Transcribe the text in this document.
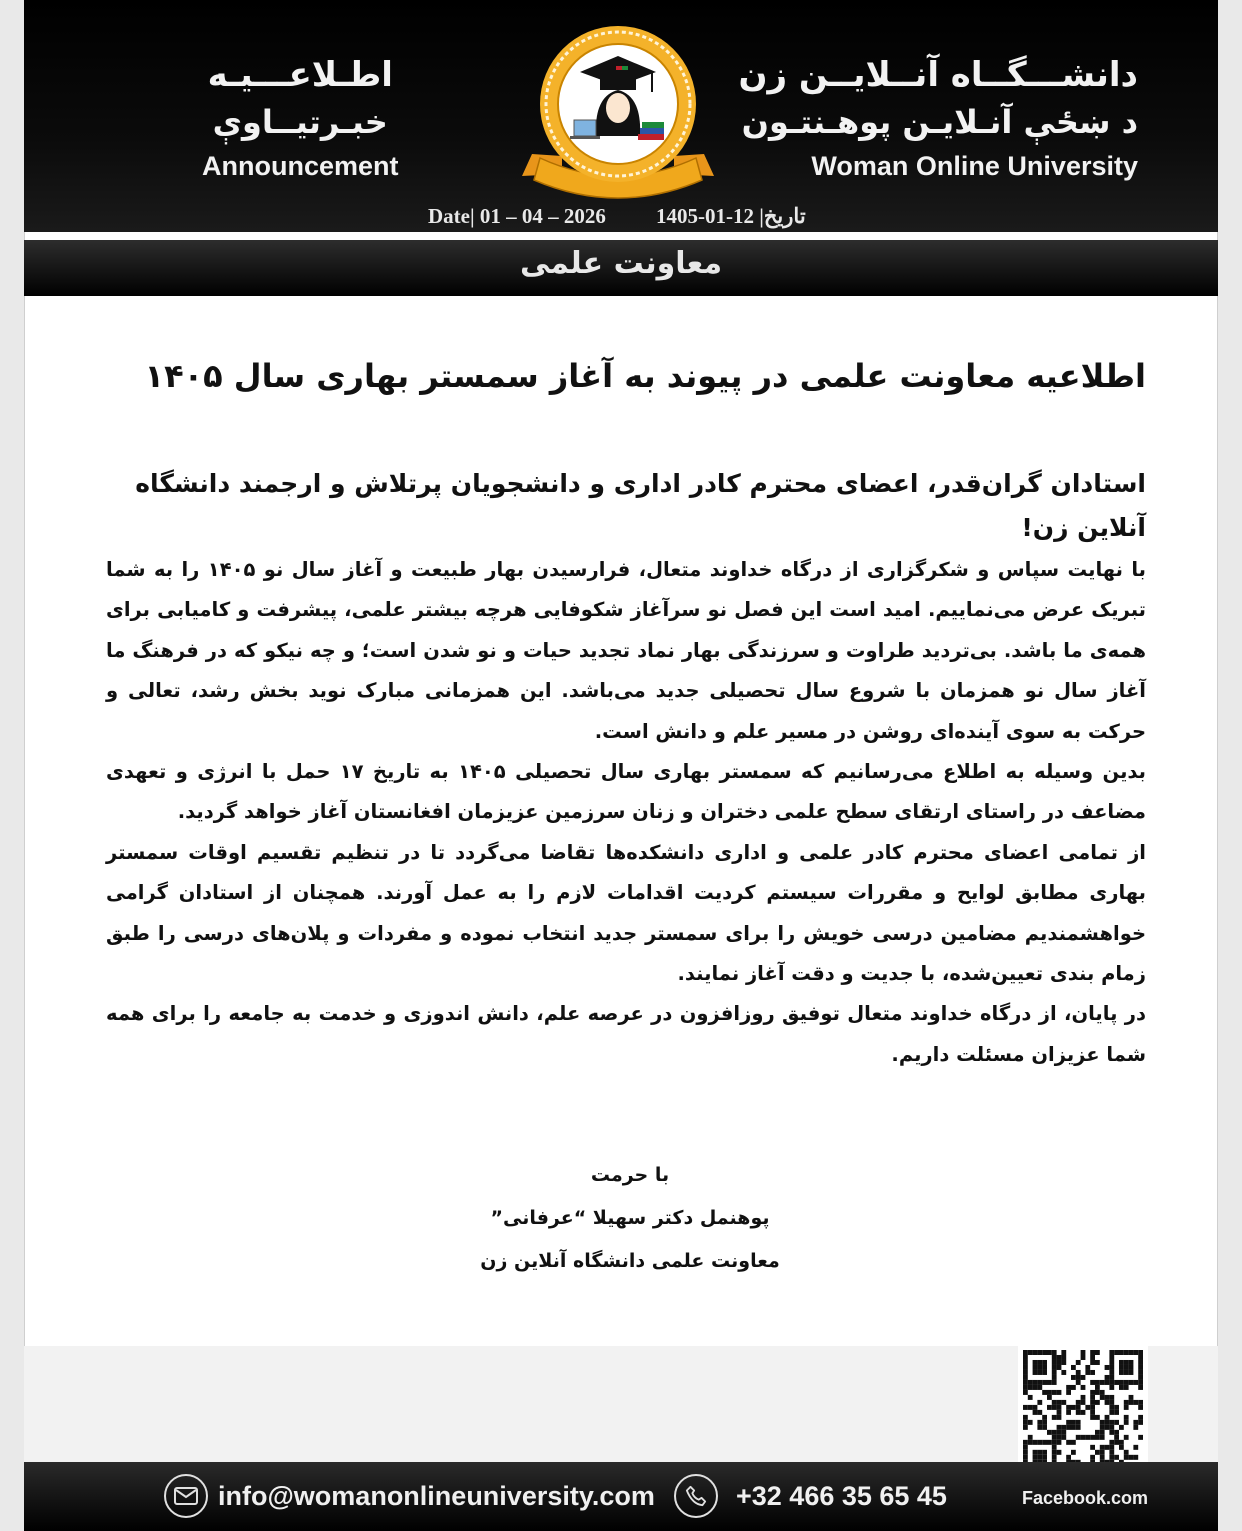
دانشـــگــاه آنــلایــن زن
د ښځې آنـلایـن پوهـنتـون
Woman Online University
اطـلاعـــیـه
خبـرتیــاوې
Announcement
Date| 01 – 04 – 2026 1405-01-12 |تاریخ
معاونت علمی
اطلاعیه معاونت علمی در پیوند به آغاز سمستر بهاری سال ۱۴۰۵
استادان گران‌قدر، اعضای محترم کادر اداری و دانشجویان پرتلاش و ارجمند دانشگاه آنلاین زن!

با نهایت سپاس و شکرگزاری از درگاه خداوند متعال، فرارسیدن بهار طبیعت و آغاز سال نو ۱۴۰۵ را به شما تبریک عرض می‌نماییم. امید است این فصل نو سرآغاز شکوفایی هرچه بیشتر علمی، پیشرفت و کامیابی برای همه‌ی ما باشد. بی‌تردید طراوت و سرزندگی بهار نماد تجدید حیات و نو شدن است؛ و چه نیکو که در فرهنگ ما آغاز سال نو همزمان با شروع سال تحصیلی جدید می‌باشد. این همزمانی مبارک نوید بخش رشد، تعالی و حرکت به سوی آینده‌ای روشن در مسیر علم و دانش است.

بدین وسیله به اطلاع می‌رسانیم که سمستر بهاری سال تحصیلی ۱۴۰۵ به تاریخ ۱۷ حمل با انرژی و تعهدی مضاعف در راستای ارتقای سطح علمی دختران و زنان سرزمین عزیزمان افغانستان آغاز خواهد گردید.

از تمامی اعضای محترم کادر علمی و اداری دانشکده‌ها تقاضا می‌گردد تا در تنظیم تقسیم اوقات سمستر بهاری مطابق لوایح و مقررات سیستم کردیت اقدامات لازم را به عمل آورند. همچنان از استادان گرامی خواهشمندیم مضامین درسی خویش را برای سمستر جدید انتخاب نموده و مفردات و پلان‌های درسی را طبق زمام بندی تعیین‌شده، با جدیت و دقت آغاز نمایند.

در پایان، از درگاه خداوند متعال توفیق روزافزون در عرصه علم، دانش اندوزی و خدمت به جامعه را برای همه شما عزیزان مسئلت داریم.

با حرمت
پوهنمل دکتر سهیلا “عرفانی”
معاونت علمی دانشگاه آنلاین زن
info@womanonlineuniversity.com	+32 466 35 65 45	Facebook.com
